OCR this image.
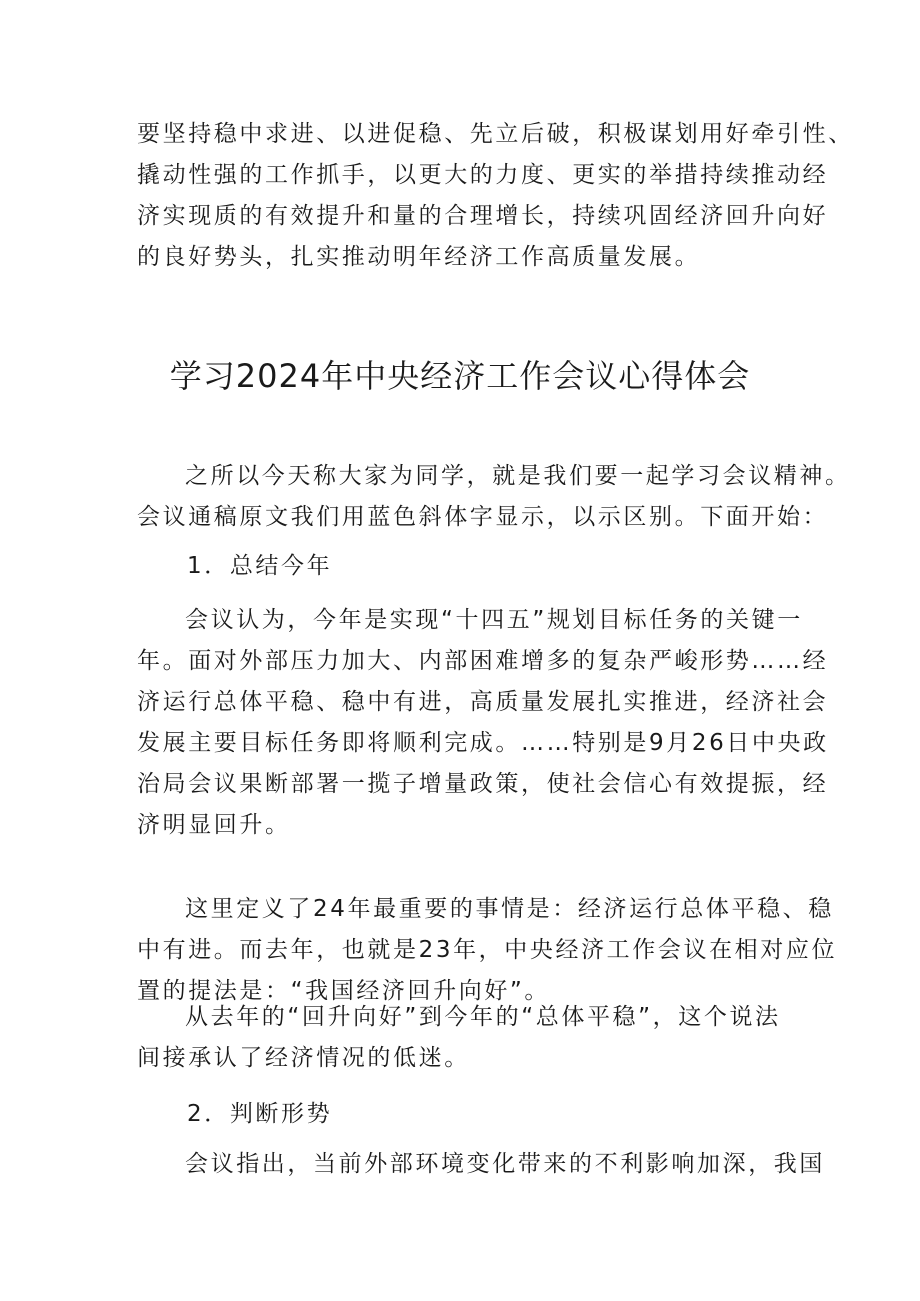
要坚持稳中求进、以进促稳、先立后破，积极谋划用好牵引性、
撬动性强的工作抓手，以更大的力度、更实的举措持续推动经
济实现质的有效提升和量的合理增长，持续巩固经济回升向好
的良好势头，扎实推动明年经济工作高质量发展。
学习2024年中央经济工作会议心得体会
之所以今天称大家为同学，就是我们要一起学习会议精神。
会议通稿原文我们用蓝色斜体字显示，以示区别。下面开始：
1．总结今年
会议认为，今年是实现“十四五”规划目标任务的关键一
年。面对外部压力加大、内部困难增多的复杂严峻形势……经
济运行总体平稳、稳中有进，高质量发展扎实推进，经济社会
发展主要目标任务即将顺利完成。……特别是9月26日中央政
治局会议果断部署一揽子增量政策，使社会信心有效提振，经
济明显回升。
这里定义了24年最重要的事情是：经济运行总体平稳、稳
中有进。而去年，也就是23年，中央经济工作会议在相对应位
置的提法是：“我国经济回升向好”。
从去年的“回升向好”到今年的“总体平稳”，这个说法
间接承认了经济情况的低迷。
2．判断形势
会议指出，当前外部环境变化带来的不利影响加深，我国
